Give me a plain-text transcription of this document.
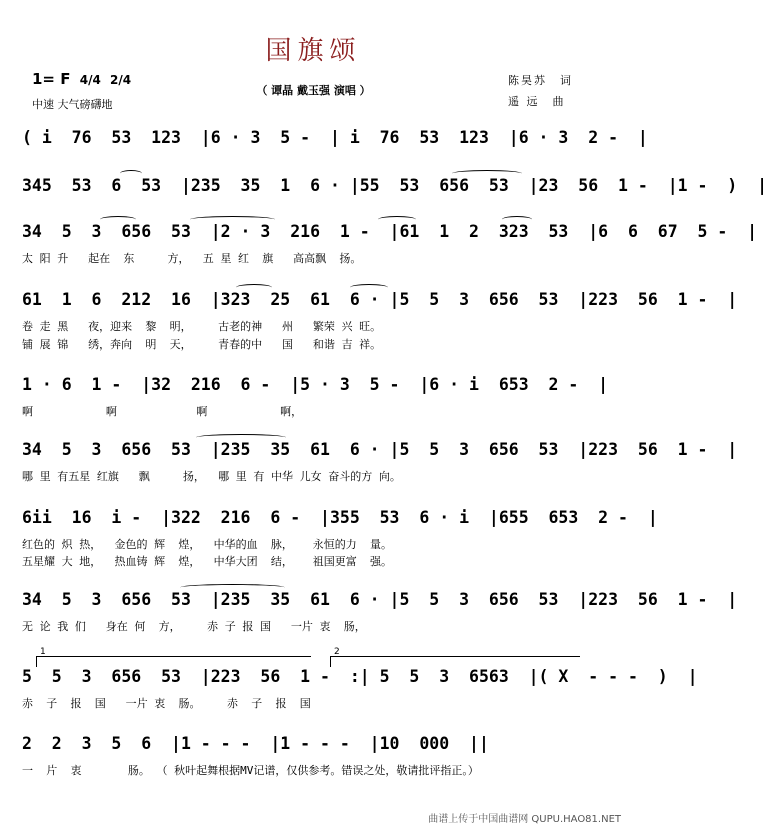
国旗颂
1= F 4/4 2/4
中速 大气磅礴地
（ 谭晶 戴玉强 演唱 ）
陈昊苏　词
遥 远　曲
( i  76  53  123  |6 · 3  5 -  | i  76  53  123  |6 · 3  2 -  |
345  53  6  53  |235  35  1  6 · |55  53  656  53  |23  56  1 -  |1 -  )  |
34  5  3  656  53  |2 · 3  216  1 -  |61  1  2  323  53  |6  6  67  5 -  |
太 阳 升   起在  东     方，  五 星 红  旗   高高飘  扬。
61  1  6  212  16  |323  25  61  6 · |5  5  3  656  53  |223  56  1 -  |
卷 走 黑   夜，迎来  黎  明，    古老的神   州   繁荣 兴 旺。
铺 展 锦   绣，奔向  明  天，    青春的中   国   和谐 吉 祥。
1 · 6  1 -  |32  216  6 -  |5 · 3  5 -  |6 · i  653  2 -  |
啊           啊            啊           啊，
34  5  3  656  53  |235  35  61  6 · |5  5  3  656  53  |223  56  1 -  |
哪 里 有五星 红旗   飘     扬，  哪 里 有 中华 儿女 奋斗的方 向。
6ii  16  i -  |322  216  6 -  |355  53  6 · i  |655  653  2 -  |
红色的 炽 热，  金色的 辉  煌，  中华的血  脉，   永恒的力  量。
五星耀 大 地，  热血铸 辉  煌，  中华大团  结，   祖国更富  强。
34  5  3  656  53  |235  35  61  6 · |5  5  3  656  53  |223  56  1 -  |
无 论 我 们   身在 何  方，    赤 子 报 国   一片 衷  肠，
5  5  3  656  53  |223  56  1 -  :| 5  5  3  6563  |( X  - - -  )  |
赤  子  报  国   一片 衷  肠。    赤  子  报  国
2  2  3  5  6  |1 - - -  |1 - - -  |10  000  ||
一  片  衷       肠。 （ 秋叶起舞根据MV记谱，仅供参考。错误之处，敬请批评指正。）
1	2
曲谱上传于中国曲谱网 QUPU.HAO81.NET
